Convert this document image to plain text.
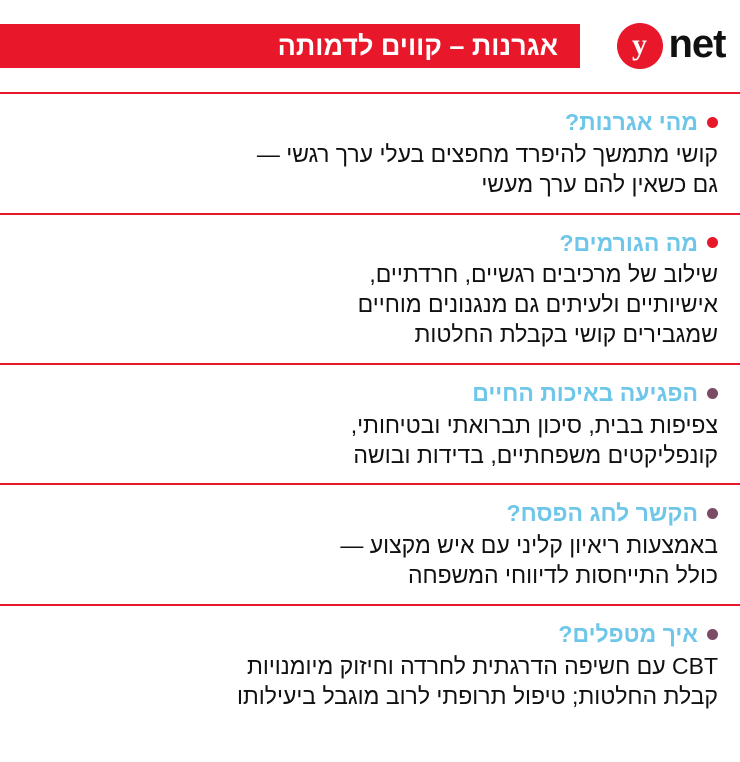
אגרנות – קווים לדמותה y net
מהי אגרנות?
קושי מתמשך להיפרד מחפצים בעלי ערך רגשי —
גם כשאין להם ערך מעשי
מה הגורמים?
שילוב של מרכיבים רגשיים, חרדתיים,
אישיותיים ולעיתים גם מנגנונים מוחיים
שמגבירים קושי בקבלת החלטות
הפגיעה באיכות החיים
צפיפות בבית, סיכון תברואתי ובטיחותי,
קונפליקטים משפחתיים, בדידות ובושה
הקשר לחג הפסח?
באמצעות ריאיון קליני עם איש מקצוע —
כולל התייחסות לדיווחי המשפחה
איך מטפלים?
CBT עם חשיפה הדרגתית לחרדה וחיזוק מיומנויות
קבלת החלטות; טיפול תרופתי לרוב מוגבל ביעילותו
